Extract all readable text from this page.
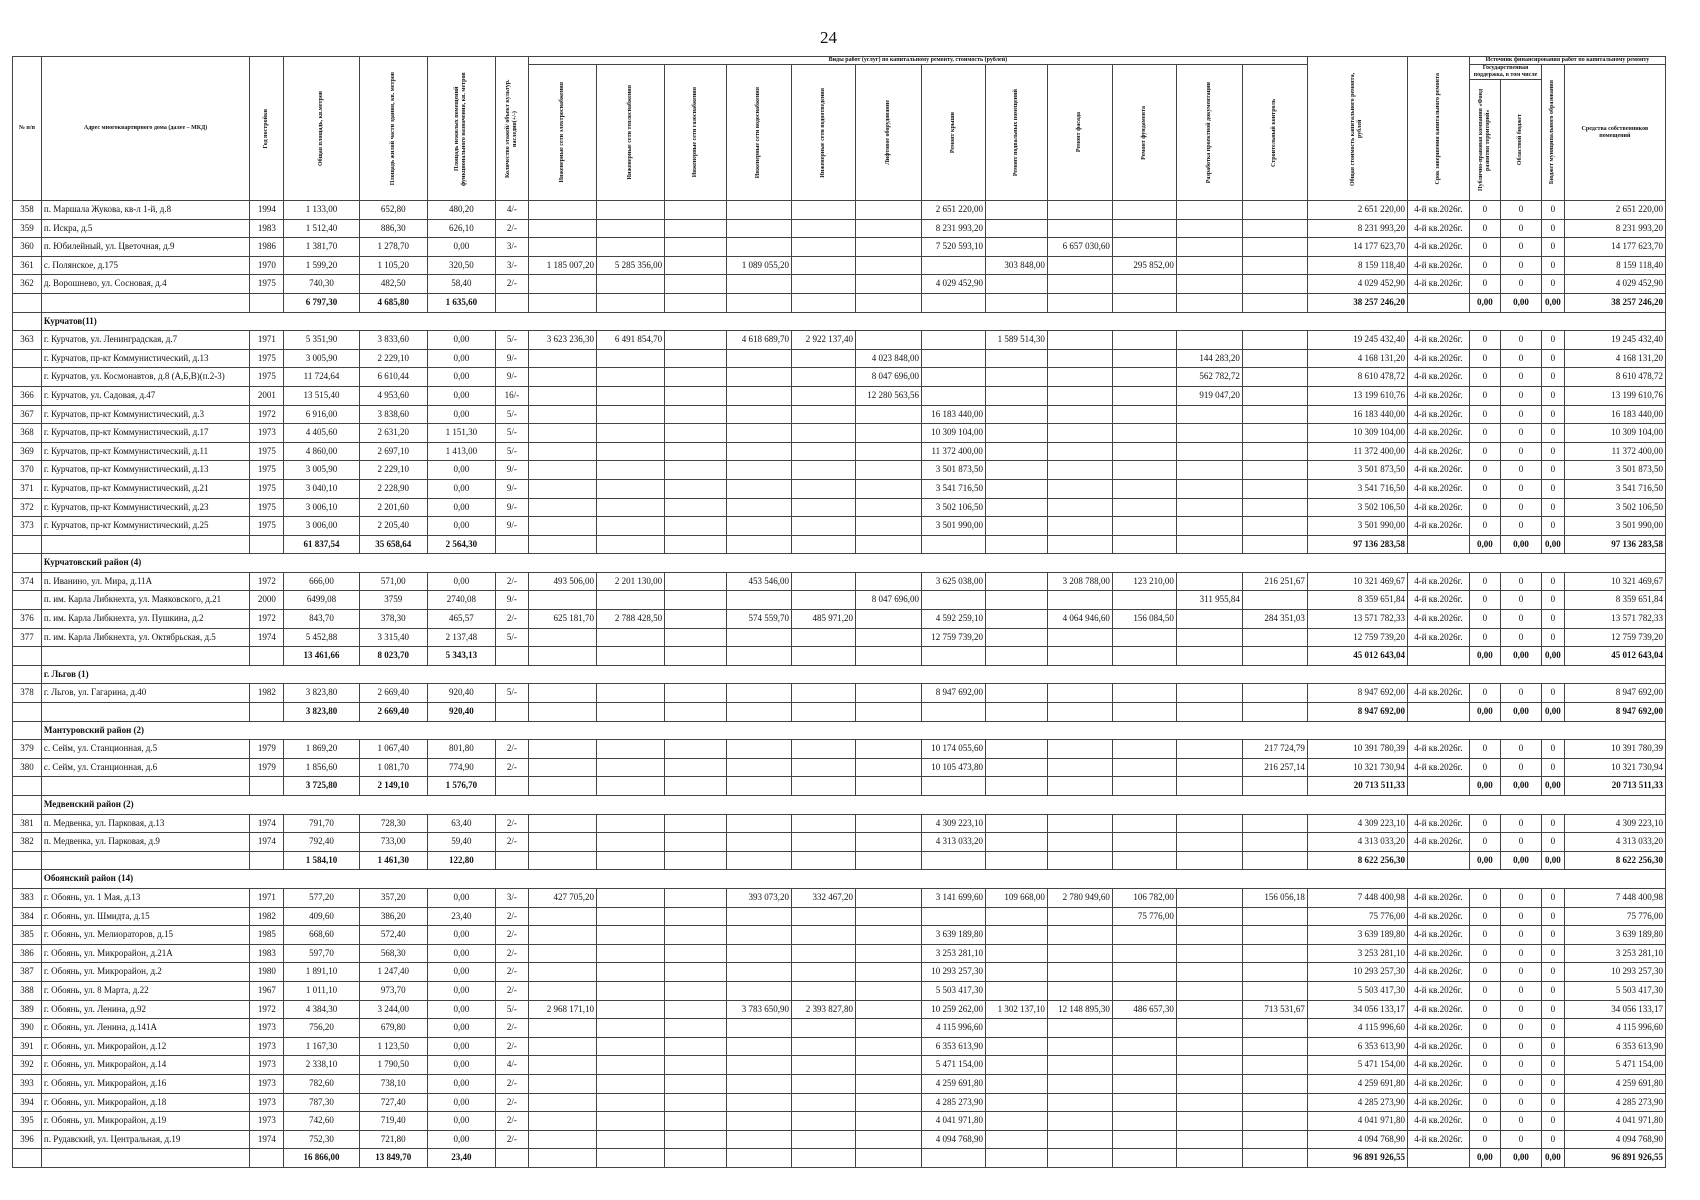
24
№ п/п	Адрес многоквартирного дома (далее – МКД)	Год постройки	Общая площадь, кв.метров	Площадь жилой части здания, кв. метров	Площадь нежилых помещений функционального назначения, кв. метров	Количество этажей/ объект культур. наследия(+/-)	Виды работ (услуг) по капитальному ремонту, стоимость (рублей)												Общая стоимость капитального ремонта, рублей	Срок завершения капитального ремонта	Источник финансирования работ по капитальному ремонту			

							Инженерные сети электроснабжения	Инженерные сети теплоснабжения	Инженерные сети газоснабжения	Инженерные сети водоснабжения	Инженерные сети водоотведения	Лифтовое оборудование	Ремонт крыши	Ремонт подвальных помещений	Ремонт фасада	Ремонт фундамента	Разработка проектной документации	Строительный контроль			Государственная поддержка, в том числе		Бюджет муниципального образования	Средства собственников помещений

																					Публично-правовая компания «Фонд развития территорий»	Областной бюджет		

358	п. Маршала Жукова, кв-л 1-й, д.8	1994	1 133,00	652,80	480,20	4/-							2 651 220,00						2 651 220,00	4-й кв.2026г.	0	0	0	2 651 220,00
359	п. Искра, д.5	1983	1 512,40	886,30	626,10	2/-							8 231 993,20						8 231 993,20	4-й кв.2026г.	0	0	0	8 231 993,20
360	п. Юбилейный, ул. Цветочная, д.9	1986	1 381,70	1 278,70	0,00	3/-							7 520 593,10		6 657 030,60				14 177 623,70	4-й кв.2026г.	0	0	0	14 177 623,70
361	с. Полянское, д.175	1970	1 599,20	1 105,20	320,50	3/-	1 185 007,20	5 285 356,00		1 089 055,20				303 848,00		295 852,00			8 159 118,40	4-й кв.2026г.	0	0	0	8 159 118,40
362	д. Ворошнево, ул. Сосновая, д.4	1975	740,30	482,50	58,40	2/-							4 029 452,90						4 029 452,90	4-й кв.2026г.	0	0	0	4 029 452,90
			6 797,30	4 685,80	1 635,60														38 257 246,20		0,00	0,00	0,00	38 257 246,20
	Курчатов(11)																							
363	г. Курчатов, ул. Ленинградская, д.7	1971	5 351,90	3 833,60	0,00	5/-	3 623 236,30	6 491 854,70		4 618 689,70	2 922 137,40			1 589 514,30					19 245 432,40	4-й кв.2026г.	0	0	0	19 245 432,40
	г. Курчатов, пр-кт Коммунистический, д.13	1975	3 005,90	2 229,10	0,00	9/-						4 023 848,00					144 283,20		4 168 131,20	4-й кв.2026г.	0	0	0	4 168 131,20
	г. Курчатов, ул. Космонавтов, д.8 (А,Б,В)(п.2-3)	1975	11 724,64	6 610,44	0,00	9/-						8 047 696,00					562 782,72		8 610 478,72	4-й кв.2026г.	0	0	0	8 610 478,72
366	г. Курчатов, ул. Садовая, д.47	2001	13 515,40	4 953,60	0,00	16/-						12 280 563,56					919 047,20		13 199 610,76	4-й кв.2026г.	0	0	0	13 199 610,76
367	г. Курчатов, пр-кт Коммунистический, д.3	1972	6 916,00	3 838,60	0,00	5/-							16 183 440,00						16 183 440,00	4-й кв.2026г.	0	0	0	16 183 440,00
368	г. Курчатов, пр-кт Коммунистический, д.17	1973	4 405,60	2 631,20	1 151,30	5/-							10 309 104,00						10 309 104,00	4-й кв.2026г.	0	0	0	10 309 104,00
369	г. Курчатов, пр-кт Коммунистический, д.11	1975	4 860,00	2 697,10	1 413,00	5/-							11 372 400,00						11 372 400,00	4-й кв.2026г.	0	0	0	11 372 400,00
370	г. Курчатов, пр-кт Коммунистический, д.13	1975	3 005,90	2 229,10	0,00	9/-							3 501 873,50						3 501 873,50	4-й кв.2026г.	0	0	0	3 501 873,50
371	г. Курчатов, пр-кт Коммунистический, д.21	1975	3 040,10	2 228,90	0,00	9/-							3 541 716,50						3 541 716,50	4-й кв.2026г.	0	0	0	3 541 716,50
372	г. Курчатов, пр-кт Коммунистический, д.23	1975	3 006,10	2 201,60	0,00	9/-							3 502 106,50						3 502 106,50	4-й кв.2026г.	0	0	0	3 502 106,50
373	г. Курчатов, пр-кт Коммунистический, д.25	1975	3 006,00	2 205,40	0,00	9/-							3 501 990,00						3 501 990,00	4-й кв.2026г.	0	0	0	3 501 990,00
			61 837,54	35 658,64	2 564,30														97 136 283,58		0,00	0,00	0,00	97 136 283,58
	Курчатовский район (4)																							
374	п. Иванино, ул. Мира, д.11А	1972	666,00	571,00	0,00	2/-	493 506,00	2 201 130,00		453 546,00			3 625 038,00		3 208 788,00	123 210,00		216 251,67	10 321 469,67	4-й кв.2026г.	0	0	0	10 321 469,67
	п. им. Карла Либкнехта, ул. Маяковского, д.21	2000	6499,08	3759	2740,08	9/-						8 047 696,00					311 955,84		8 359 651,84	4-й кв.2026г.	0	0	0	8 359 651,84
376	п. им. Карла Либкнехта, ул. Пушкина, д.2	1972	843,70	378,30	465,57	2/-	625 181,70	2 788 428,50		574 559,70	485 971,20		4 592 259,10		4 064 946,60	156 084,50		284 351,03	13 571 782,33	4-й кв.2026г.	0	0	0	13 571 782,33
377	п. им. Карла Либкнехта, ул. Октябрьская, д.5	1974	5 452,88	3 315,40	2 137,48	5/-							12 759 739,20						12 759 739,20	4-й кв.2026г.	0	0	0	12 759 739,20
			13 461,66	8 023,70	5 343,13														45 012 643,04		0,00	0,00	0,00	45 012 643,04
	г. Льгов (1)																							
378	г. Льгов, ул. Гагарина, д.40	1982	3 823,80	2 669,40	920,40	5/-							8 947 692,00						8 947 692,00	4-й кв.2026г.	0	0	0	8 947 692,00
			3 823,80	2 669,40	920,40														8 947 692,00		0,00	0,00	0,00	8 947 692,00
	Мантуровский район (2)																							
379	с. Сейм, ул. Станционная, д.5	1979	1 869,20	1 067,40	801,80	2/-							10 174 055,60					217 724,79	10 391 780,39	4-й кв.2026г.	0	0	0	10 391 780,39
380	с. Сейм, ул. Станционная, д.6	1979	1 856,60	1 081,70	774,90	2/-							10 105 473,80					216 257,14	10 321 730,94	4-й кв.2026г.	0	0	0	10 321 730,94
			3 725,80	2 149,10	1 576,70														20 713 511,33		0,00	0,00	0,00	20 713 511,33
	Медвенский район (2)																							
381	п. Медвенка, ул. Парковая, д.13	1974	791,70	728,30	63,40	2/-							4 309 223,10						4 309 223,10	4-й кв.2026г.	0	0	0	4 309 223,10
382	п. Медвенка, ул. Парковая, д.9	1974	792,40	733,00	59,40	2/-							4 313 033,20						4 313 033,20	4-й кв.2026г.	0	0	0	4 313 033,20
			1 584,10	1 461,30	122,80														8 622 256,30		0,00	0,00	0,00	8 622 256,30
	Обоянский район (14)																							
383	г. Обоянь, ул. 1 Мая, д.13	1971	577,20	357,20	0,00	3/-	427 705,20			393 073,20	332 467,20		3 141 699,60	109 668,00	2 780 949,60	106 782,00		156 056,18	7 448 400,98	4-й кв.2026г.	0	0	0	7 448 400,98
384	г. Обоянь, ул. Шмидта, д.15	1982	409,60	386,20	23,40	2/-										75 776,00			75 776,00	4-й кв.2026г.	0	0	0	75 776,00
385	г. Обоянь, ул. Мелиораторов, д.15	1985	668,60	572,40	0,00	2/-							3 639 189,80						3 639 189,80	4-й кв.2026г.	0	0	0	3 639 189,80
386	г. Обоянь, ул. Микрорайон, д.21А	1983	597,70	568,30	0,00	2/-							3 253 281,10						3 253 281,10	4-й кв.2026г.	0	0	0	3 253 281,10
387	г. Обоянь, ул. Микрорайон, д.2	1980	1 891,10	1 247,40	0,00	2/-							10 293 257,30						10 293 257,30	4-й кв.2026г.	0	0	0	10 293 257,30
388	г. Обоянь, ул. 8 Марта, д.22	1967	1 011,10	973,70	0,00	2/-							5 503 417,30						5 503 417,30	4-й кв.2026г.	0	0	0	5 503 417,30
389	г. Обоянь, ул. Ленина, д.92	1972	4 384,30	3 244,00	0,00	5/-	2 968 171,10			3 783 650,90	2 393 827,80		10 259 262,00	1 302 137,10	12 148 895,30	486 657,30		713 531,67	34 056 133,17	4-й кв.2026г.	0	0	0	34 056 133,17
390	г. Обоянь, ул. Ленина, д.141А	1973	756,20	679,80	0,00	2/-							4 115 996,60						4 115 996,60	4-й кв.2026г.	0	0	0	4 115 996,60
391	г. Обоянь, ул. Микрорайон, д.12	1973	1 167,30	1 123,50	0,00	2/-							6 353 613,90						6 353 613,90	4-й кв.2026г.	0	0	0	6 353 613,90
392	г. Обоянь, ул. Микрорайон, д.14	1973	2 338,10	1 790,50	0,00	4/-							5 471 154,00						5 471 154,00	4-й кв.2026г.	0	0	0	5 471 154,00
393	г. Обоянь, ул. Микрорайон, д.16	1973	782,60	738,10	0,00	2/-							4 259 691,80						4 259 691,80	4-й кв.2026г.	0	0	0	4 259 691,80
394	г. Обоянь, ул. Микрорайон, д.18	1973	787,30	727,40	0,00	2/-							4 285 273,90						4 285 273,90	4-й кв.2026г.	0	0	0	4 285 273,90
395	г. Обоянь, ул. Микрорайон, д.19	1973	742,60	719,40	0,00	2/-							4 041 971,80						4 041 971,80	4-й кв.2026г.	0	0	0	4 041 971,80
396	п. Рудавский, ул. Центральная, д.19	1974	752,30	721,80	0,00	2/-							4 094 768,90						4 094 768,90	4-й кв.2026г.	0	0	0	4 094 768,90
			16 866,00	13 849,70	23,40														96 891 926,55		0,00	0,00	0,00	96 891 926,55
